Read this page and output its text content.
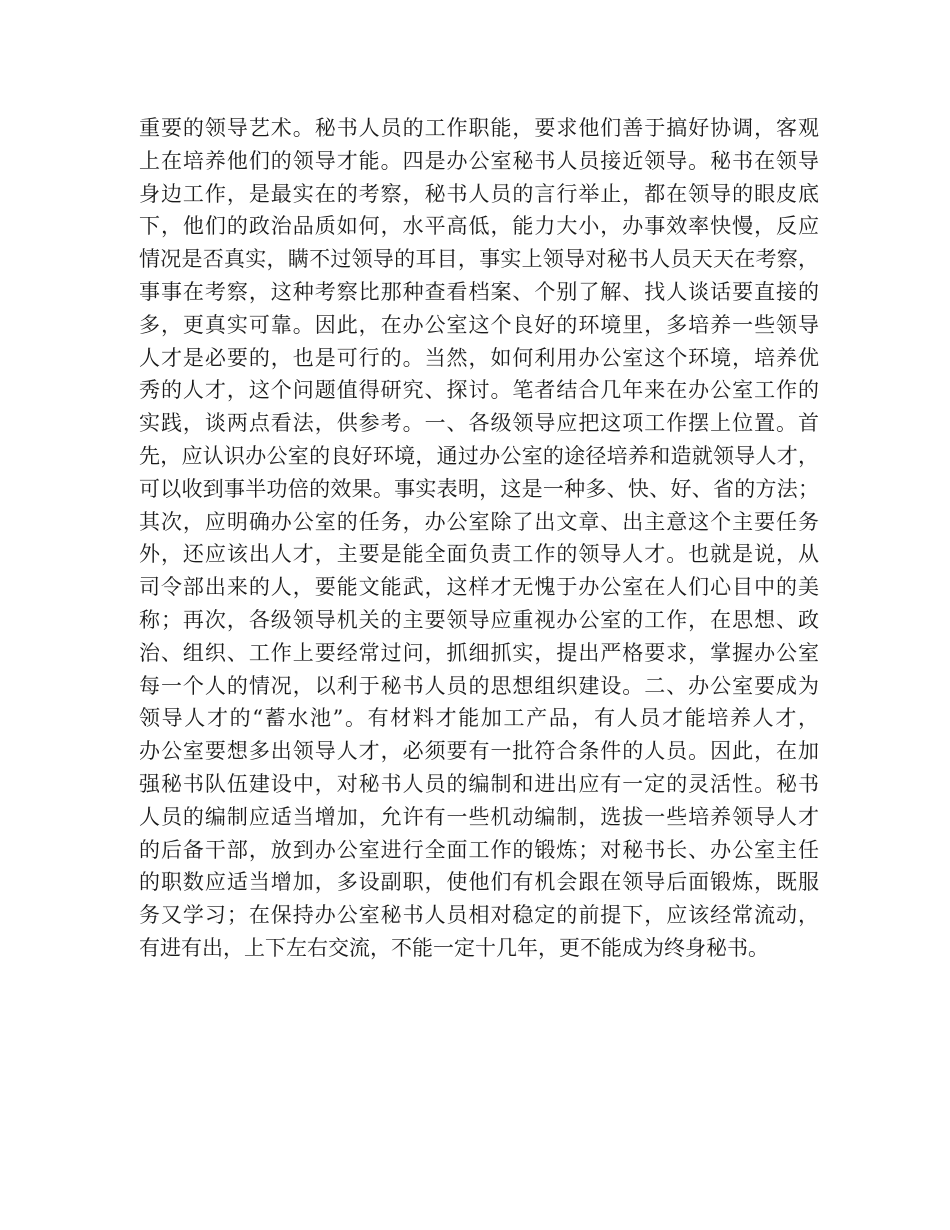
重要的领导艺术。秘书人员的工作职能，要求他们善于搞好协调，客观
上在培养他们的领导才能。四是办公室秘书人员接近领导。秘书在领导
身边工作，是最实在的考察，秘书人员的言行举止，都在领导的眼皮底
下，他们的政治品质如何，水平高低，能力大小，办事效率快慢，反应
情况是否真实，瞒不过领导的耳目，事实上领导对秘书人员天天在考察，
事事在考察，这种考察比那种查看档案、个别了解、找人谈话要直接的
多，更真实可靠。因此，在办公室这个良好的环境里，多培养一些领导
人才是必要的，也是可行的。当然，如何利用办公室这个环境，培养优
秀的人才，这个问题值得研究、探讨。笔者结合几年来在办公室工作的
实践，谈两点看法，供参考。一、各级领导应把这项工作摆上位置。首
先，应认识办公室的良好环境，通过办公室的途径培养和造就领导人才，
可以收到事半功倍的效果。事实表明，这是一种多、快、好、省的方法；
其次，应明确办公室的任务，办公室除了出文章、出主意这个主要任务
外，还应该出人才，主要是能全面负责工作的领导人才。也就是说，从
司令部出来的人，要能文能武，这样才无愧于办公室在人们心目中的美
称；再次，各级领导机关的主要领导应重视办公室的工作，在思想、政
治、组织、工作上要经常过问，抓细抓实，提出严格要求，掌握办公室
每一个人的情况，以利于秘书人员的思想组织建设。二、办公室要成为
领导人才的“蓄水池”。有材料才能加工产品，有人员才能培养人才，
办公室要想多出领导人才，必须要有一批符合条件的人员。因此，在加
强秘书队伍建设中，对秘书人员的编制和进出应有一定的灵活性。秘书
人员的编制应适当增加，允许有一些机动编制，选拔一些培养领导人才
的后备干部，放到办公室进行全面工作的锻炼；对秘书长、办公室主任
的职数应适当增加，多设副职，使他们有机会跟在领导后面锻炼，既服
务又学习；在保持办公室秘书人员相对稳定的前提下，应该经常流动，
有进有出，上下左右交流，不能一定十几年，更不能成为终身秘书。
